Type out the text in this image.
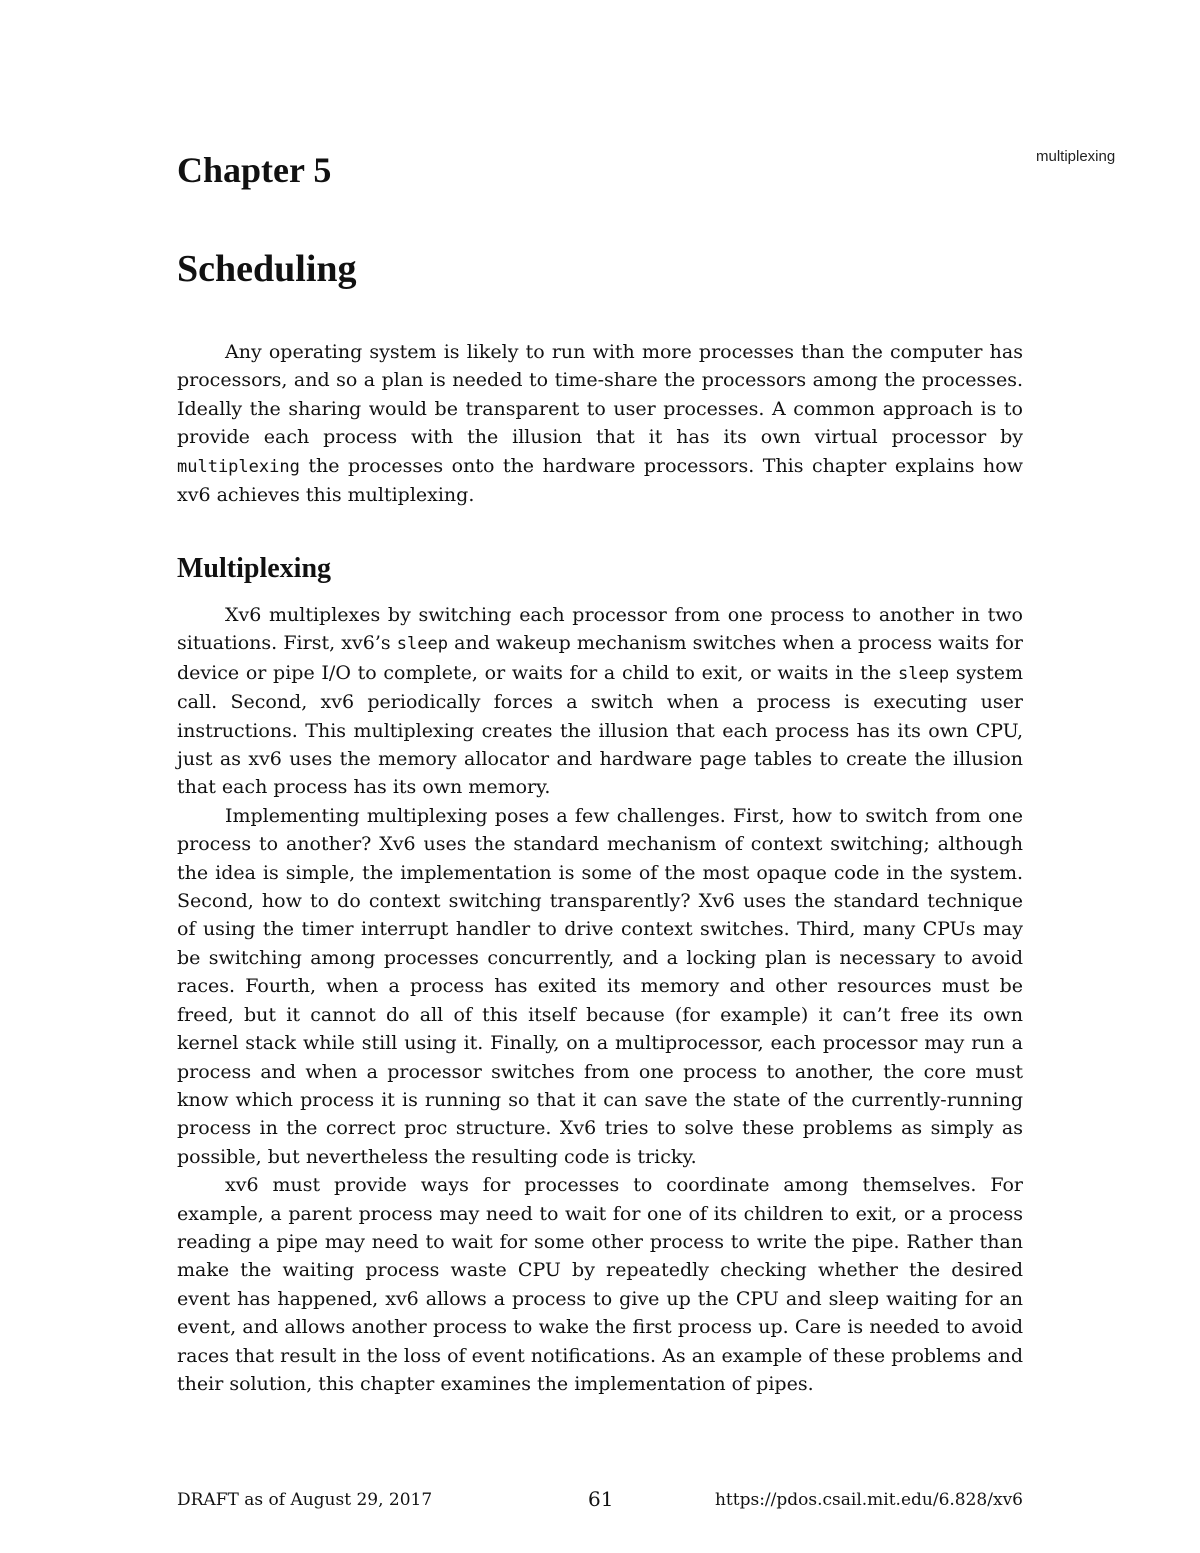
multiplexing
Chapter 5
Scheduling

Any operating system is likely to run with more processes than the computer has processors, and so a plan is needed to time-share the processors among the processes. Ideally the sharing would be transparent to user processes. A common approach is to provide each process with the illusion that it has its own virtual processor by multiplexing the processes onto the hardware processors. This chapter explains how xv6 achieves this multiplexing.

Multiplexing

Xv6 multiplexes by switching each processor from one process to another in two situations. First, xv6’s sleep and wakeup mechanism switches when a process waits for device or pipe I/O to complete, or waits for a child to exit, or waits in the sleep system call. Second, xv6 periodically forces a switch when a process is executing user instructions. This multiplexing creates the illusion that each process has its own CPU, just as xv6 uses the memory allocator and hardware page tables to create the illusion that each process has its own memory.

Implementing multiplexing poses a few challenges. First, how to switch from one process to another? Xv6 uses the standard mechanism of context switching; although the idea is simple, the implementation is some of the most opaque code in the system. Second, how to do context switching transparently? Xv6 uses the standard technique of using the timer interrupt handler to drive context switches. Third, many CPUs may be switching among processes concurrently, and a locking plan is necessary to avoid races. Fourth, when a process has exited its memory and other resources must be freed, but it cannot do all of this itself because (for example) it can’t free its own kernel stack while still using it. Finally, on a multiprocessor, each processor may run a process and when a processor switches from one process to another, the core must know which process it is running so that it can save the state of the currently-running process in the correct proc structure. Xv6 tries to solve these problems as simply as possible, but nevertheless the resulting code is tricky.

xv6 must provide ways for processes to coordinate among themselves. For example, a parent process may need to wait for one of its children to exit, or a process reading a pipe may need to wait for some other process to write the pipe. Rather than make the waiting process waste CPU by repeatedly checking whether the desired event has happened, xv6 allows a process to give up the CPU and sleep waiting for an event, and allows another process to wake the first process up. Care is needed to avoid races that result in the loss of event notifications. As an example of these problems and their solution, this chapter examines the implementation of pipes.

DRAFT as of August 29, 2017	61	https://pdos.csail.mit.edu/6.828/xv6
